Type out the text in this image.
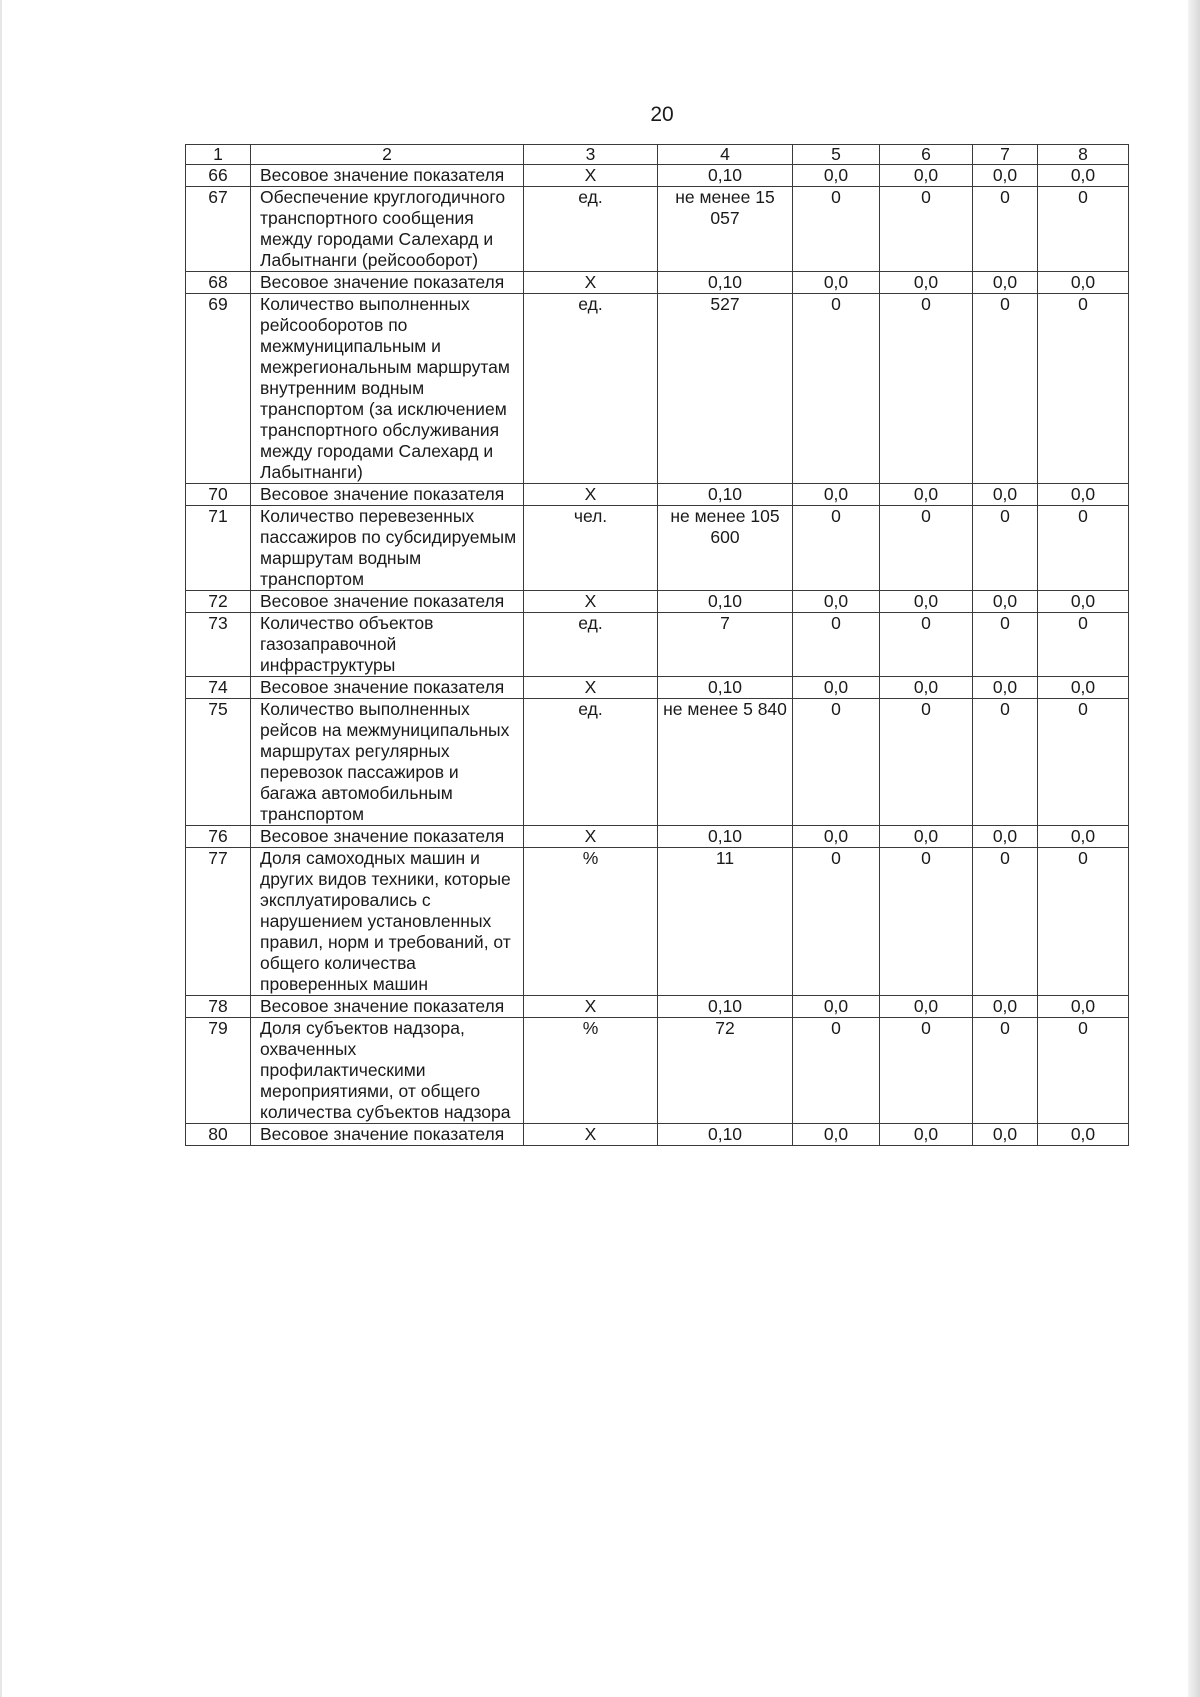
20
1	2	3	4	5	6	7	8
66	Весовое значение показателя	Х	0,10	0,0	0,0	0,0	0,0
67	Обеспечение круглогодичного транспортного сообщения между городами Салехард и Лабытнанги (рейсооборот)	ед.	не менее 15 057	0	0	0	0
68	Весовое значение показателя	Х	0,10	0,0	0,0	0,0	0,0
69	Количество выполненных рейсооборотов по межмуниципальным и межрегиональным маршрутам внутренним водным транспортом (за исключением транспортного обслуживания между городами Салехард и Лабытнанги)	ед.	527	0	0	0	0
70	Весовое значение показателя	Х	0,10	0,0	0,0	0,0	0,0
71	Количество перевезенных пассажиров по субсидируемым маршрутам водным транспортом	чел.	не менее 105 600	0	0	0	0
72	Весовое значение показателя	Х	0,10	0,0	0,0	0,0	0,0
73	Количество объектов газозаправочной инфраструктуры	ед.	7	0	0	0	0
74	Весовое значение показателя	Х	0,10	0,0	0,0	0,0	0,0
75	Количество выполненных рейсов на межмуниципальных маршрутах регулярных перевозок пассажиров и багажа автомобильным транспортом	ед.	не менее 5 840	0	0	0	0
76	Весовое значение показателя	Х	0,10	0,0	0,0	0,0	0,0
77	Доля самоходных машин и других видов техники, которые эксплуатировались с нарушением установленных правил, норм и требований, от общего количества проверенных машин	%	11	0	0	0	0
78	Весовое значение показателя	Х	0,10	0,0	0,0	0,0	0,0
79	Доля субъектов надзора, охваченных профилактическими мероприятиями, от общего количества субъектов надзора	%	72	0	0	0	0
80	Весовое значение показателя	Х	0,10	0,0	0,0	0,0	0,0
